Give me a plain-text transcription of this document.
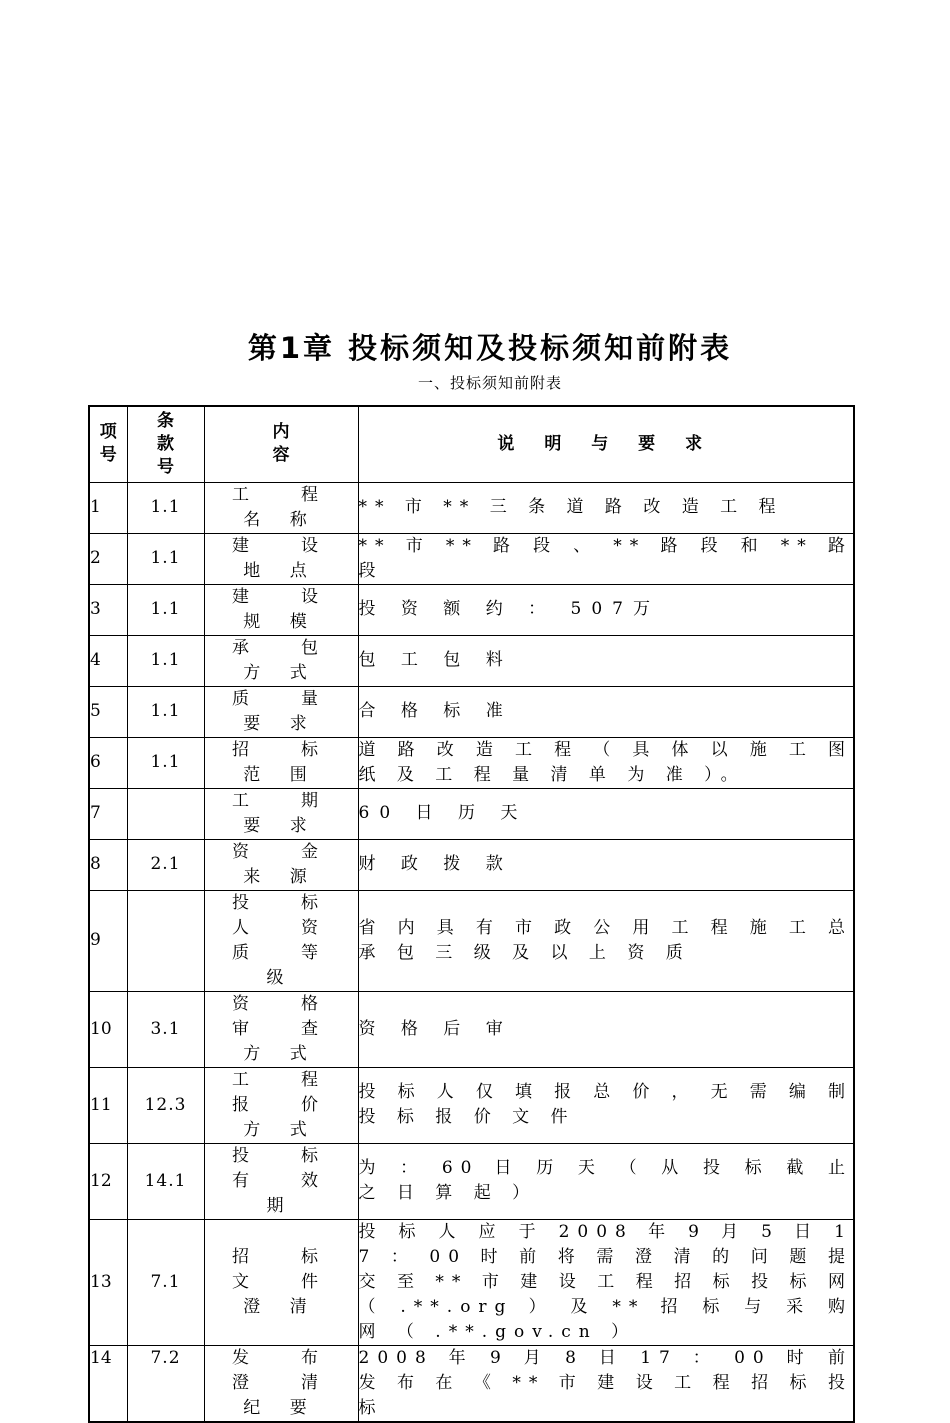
第1章 投标须知及投标须知前附表
一、投标须知前附表
项号	条款号	内容	说 明 与 要 求

1	1.1	工 程 名 称	** 市 ** 三 条 道 路 改 造 工 程

2	1.1	建 设 地 点	** 市 ** 路 段 、 ** 路 段 和 ** 路 段

3	1.1	建 设 规 模	投 资 额 约 ： 507万

4	1.1	承 包 方 式	包 工 包 料

5	1.1	质 量 要 求	合 格 标 准

6	1.1	招 标 范 围	道 路 改 造 工 程 （ 具 体 以 施 工 图 纸 及 工 程 量 清 单 为 准 ）。

7		工 期 要 求	60 日 历 天

8	2.1	资 金 来 源	财 政 拨 款

9		投 标 人 资 质 等 级	省 内 具 有 市 政 公 用 工 程 施 工 总 承 包 三 级 及 以 上 资 质

10	3.1	资 格 审 查 方 式	资 格 后 审

11	12.3	工 程 报 价 方 式	投 标 人 仅 填 报 总 价 ， 无 需 编 制 投 标 报 价 文 件

12	14.1	投 标 有 效 期	为 ： 60 日 历 天 （ 从 投 标 截 止 之 日 算 起 ）

13	7.1	招 标 文 件 澄 清	投 标 人 应 于 2008 年 9 月 5 日 17 ： 00 时 前 将 需 澄 清 的 问 题 提 交 至 ** 市 建 设 工 程 招 标 投 标 网 （ .**.org ） 及 ** 招 标 与 采 购 网 （ .**.gov.cn ）

14	7.2	发 布 澄 清 纪 要	2008 年 9 月 8 日 17 ： 00 时 前 发 布 在 《 ** 市 建 设 工 程 招 标 投 标
